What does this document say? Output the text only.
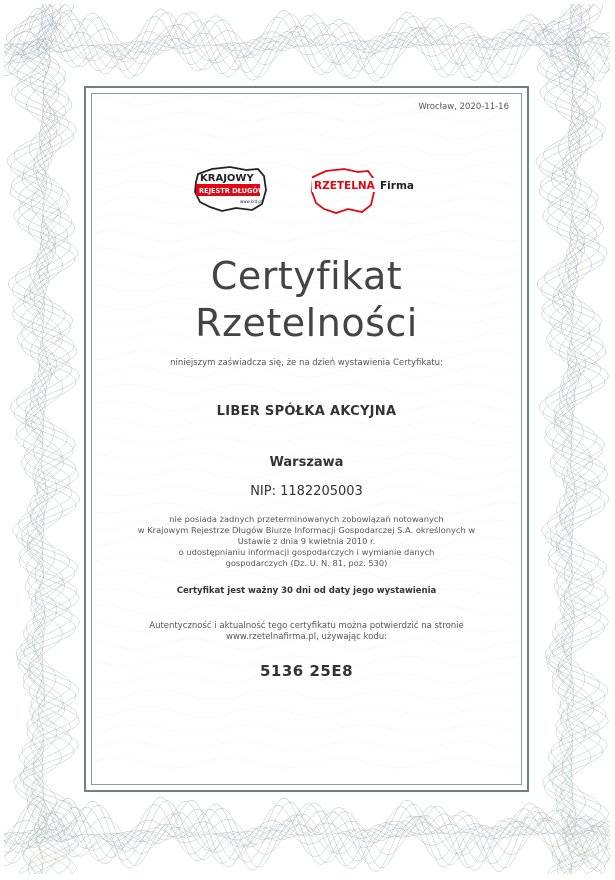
Wrocław, 2020-11-16
KRAJOWY
REJESTR DŁUGÓW
www.krd.pl
RZETELNA Firma
Certyfikat
Rzetelności
niniejszym zaświadcza się, że na dzień wystawienia Certyfikatu:
LIBER SPÓŁKA AKCYJNA
Warszawa
NIP: 1182205003
nie posiada żadnych przeterminowanych zobowiązań notowanych
w Krajowym Rejestrze Długów Biurze Informacji Gospodarczej S.A. określonych w
Ustawie z dnia 9 kwietnia 2010 r.
o udostępnianiu informacji gospodarczych i wymianie danych
gospodarczych (Dz. U. N. 81, poz. 530)
Certyfikat jest ważny 30 dni od daty jego wystawienia
Autentyczność i aktualność tego certyfikatu można potwierdzić na stronie
www.rzetelnafirma.pl, używając kodu:
5136 25E8
